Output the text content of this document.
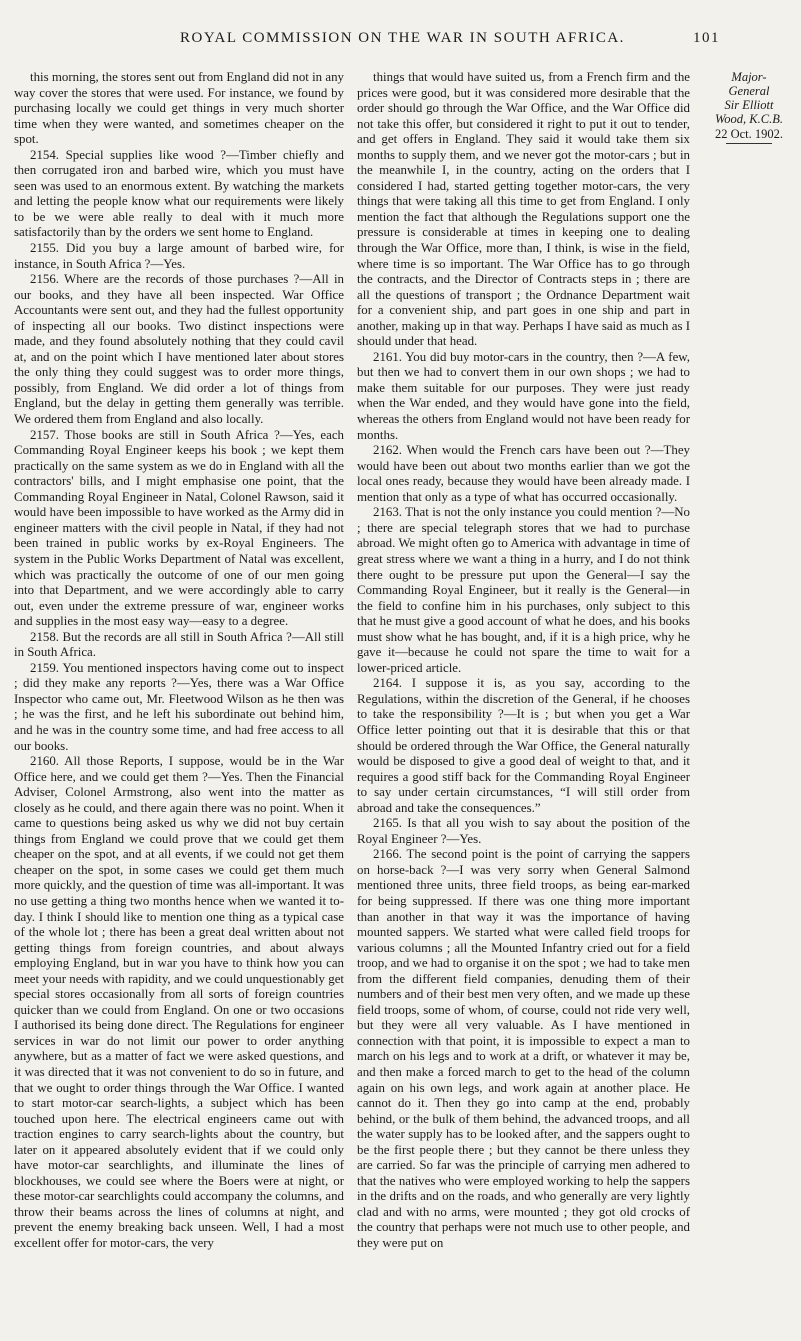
ROYAL COMMISSION ON THE WAR IN SOUTH AFRICA.	101

this morning, the stores sent out from England did not in any way cover the stores that were used. For instance, we found by purchasing locally we could get things in very much shorter time when they were wanted, and sometimes cheaper on the spot.

2154. Special supplies like wood ?—Timber chiefly and then corrugated iron and barbed wire, which you must have seen was used to an enormous extent. By watching the markets and letting the people know what our requirements were likely to be we were able really to deal with it much more satisfactorily than by the orders we sent home to England.

2155. Did you buy a large amount of barbed wire, for instance, in South Africa ?—Yes.

2156. Where are the records of those purchases ?—All in our books, and they have all been inspected. War Office Accountants were sent out, and they had the fullest opportunity of inspecting all our books. Two distinct inspections were made, and they found absolutely nothing that they could cavil at, and on the point which I have mentioned later about stores the only thing they could suggest was to order more things, possibly, from England. We did order a lot of things from England, but the delay in getting them generally was terrible. We ordered them from England and also locally.

2157. Those books are still in South Africa ?—Yes, each Commanding Royal Engineer keeps his book ; we kept them practically on the same system as we do in England with all the contractors' bills, and I might emphasise one point, that the Commanding Royal Engineer in Natal, Colonel Rawson, said it would have been impossible to have worked as the Army did in engineer matters with the civil people in Natal, if they had not been trained in public works by ex-Royal Engineers. The system in the Public Works Department of Natal was excellent, which was practically the outcome of one of our men going into that Department, and we were accordingly able to carry out, even under the extreme pressure of war, engineer works and supplies in the most easy way—easy to a degree.

2158. But the records are all still in South Africa ?—All still in South Africa.

2159. You mentioned inspectors having come out to inspect ; did they make any reports ?—Yes, there was a War Office Inspector who came out, Mr. Fleetwood Wilson as he then was ; he was the first, and he left his subordinate out behind him, and he was in the country some time, and had free access to all our books.

2160. All those Reports, I suppose, would be in the War Office here, and we could get them ?—Yes. Then the Financial Adviser, Colonel Armstrong, also went into the matter as closely as he could, and there again there was no point. When it came to questions being asked us why we did not buy certain things from England we could prove that we could get them cheaper on the spot, and at all events, if we could not get them cheaper on the spot, in some cases we could get them much more quickly, and the question of time was all-important. It was no use getting a thing two months hence when we wanted it to-day. I think I should like to mention one thing as a typical case of the whole lot ; there has been a great deal written about not getting things from foreign countries, and about always employing England, but in war you have to think how you can meet your needs with rapidity, and we could unquestionably get special stores occasionally from all sorts of foreign countries quicker than we could from England. On one or two occasions I authorised its being done direct. The Regulations for engineer services in war do not limit our power to order anything anywhere, but as a matter of fact we were asked questions, and it was directed that it was not convenient to do so in future, and that we ought to order things through the War Office. I wanted to start motor-car search-lights, a subject which has been touched upon here. The electrical engineers came out with traction engines to carry search-lights about the country, but later on it appeared absolutely evident that if we could only have motor-car searchlights, and illuminate the lines of blockhouses, we could see where the Boers were at night, or these motor-car searchlights could accompany the columns, and throw their beams across the lines of columns at night, and prevent the enemy breaking back unseen. Well, I had a most excellent offer for motor-cars, the very

things that would have suited us, from a French firm and the prices were good, but it was considered more desirable that the order should go through the War Office, and the War Office did not take this offer, but considered it right to put it out to tender, and get offers in England. They said it would take them six months to supply them, and we never got the motor-cars ; but in the meanwhile I, in the country, acting on the orders that I considered I had, started getting together motor-cars, the very things that were taking all this time to get from England. I only mention the fact that although the Regulations support one the pressure is considerable at times in keeping one to dealing through the War Office, more than, I think, is wise in the field, where time is so important. The War Office has to go through the contracts, and the Director of Contracts steps in ; there are all the questions of transport ; the Ordnance Department wait for a convenient ship, and part goes in one ship and part in another, making up in that way. Perhaps I have said as much as I should under that head.

2161. You did buy motor-cars in the country, then ?—A few, but then we had to convert them in our own shops ; we had to make them suitable for our purposes. They were just ready when the War ended, and they would have gone into the field, whereas the others from England would not have been ready for months.

2162. When would the French cars have been out ?—They would have been out about two months earlier than we got the local ones ready, because they would have been already made. I mention that only as a type of what has occurred occasionally.

2163. That is not the only instance you could mention ?—No ; there are special telegraph stores that we had to purchase abroad. We might often go to America with advantage in time of great stress where we want a thing in a hurry, and I do not think there ought to be pressure put upon the General—I say the Commanding Royal Engineer, but it really is the General—in the field to confine him in his purchases, only subject to this that he must give a good account of what he does, and his books must show what he has bought, and, if it is a high price, why he gave it—because he could not spare the time to wait for a lower-priced article.

2164. I suppose it is, as you say, according to the Regulations, within the discretion of the General, if he chooses to take the responsibility ?—It is ; but when you get a War Office letter pointing out that it is desirable that this or that should be ordered through the War Office, the General naturally would be disposed to give a good deal of weight to that, and it requires a good stiff back for the Commanding Royal Engineer to say under certain circumstances, “I will still order from abroad and take the consequences.”

2165. Is that all you wish to say about the position of the Royal Engineer ?—Yes.

2166. The second point is the point of carrying the sappers on horse-back ?—I was very sorry when General Salmond mentioned three units, three field troops, as being ear-marked for being suppressed. If there was one thing more important than another in that way it was the importance of having mounted sappers. We started what were called field troops for various columns ; all the Mounted Infantry cried out for a field troop, and we had to organise it on the spot ; we had to take men from the different field companies, denuding them of their numbers and of their best men very often, and we made up these field troops, some of whom, of course, could not ride very well, but they were all very valuable. As I have mentioned in connection with that point, it is impossible to expect a man to march on his legs and to work at a drift, or whatever it may be, and then make a forced march to get to the head of the column again on his own legs, and work again at another place. He cannot do it. Then they go into camp at the end, probably behind, or the bulk of them behind, the advanced troops, and all the water supply has to be looked after, and the sappers ought to be the first people there ; but they cannot be there unless they are carried. So far was the principle of carrying men adhered to that the natives who were employed working to help the sappers in the drifts and on the roads, and who generally are very lightly clad and with no arms, were mounted ; they got old crocks of the country that perhaps were not much use to other people, and they were put on

Major-
General
Sir Elliott
Wood, K.C.B.
22 Oct. 1902.
